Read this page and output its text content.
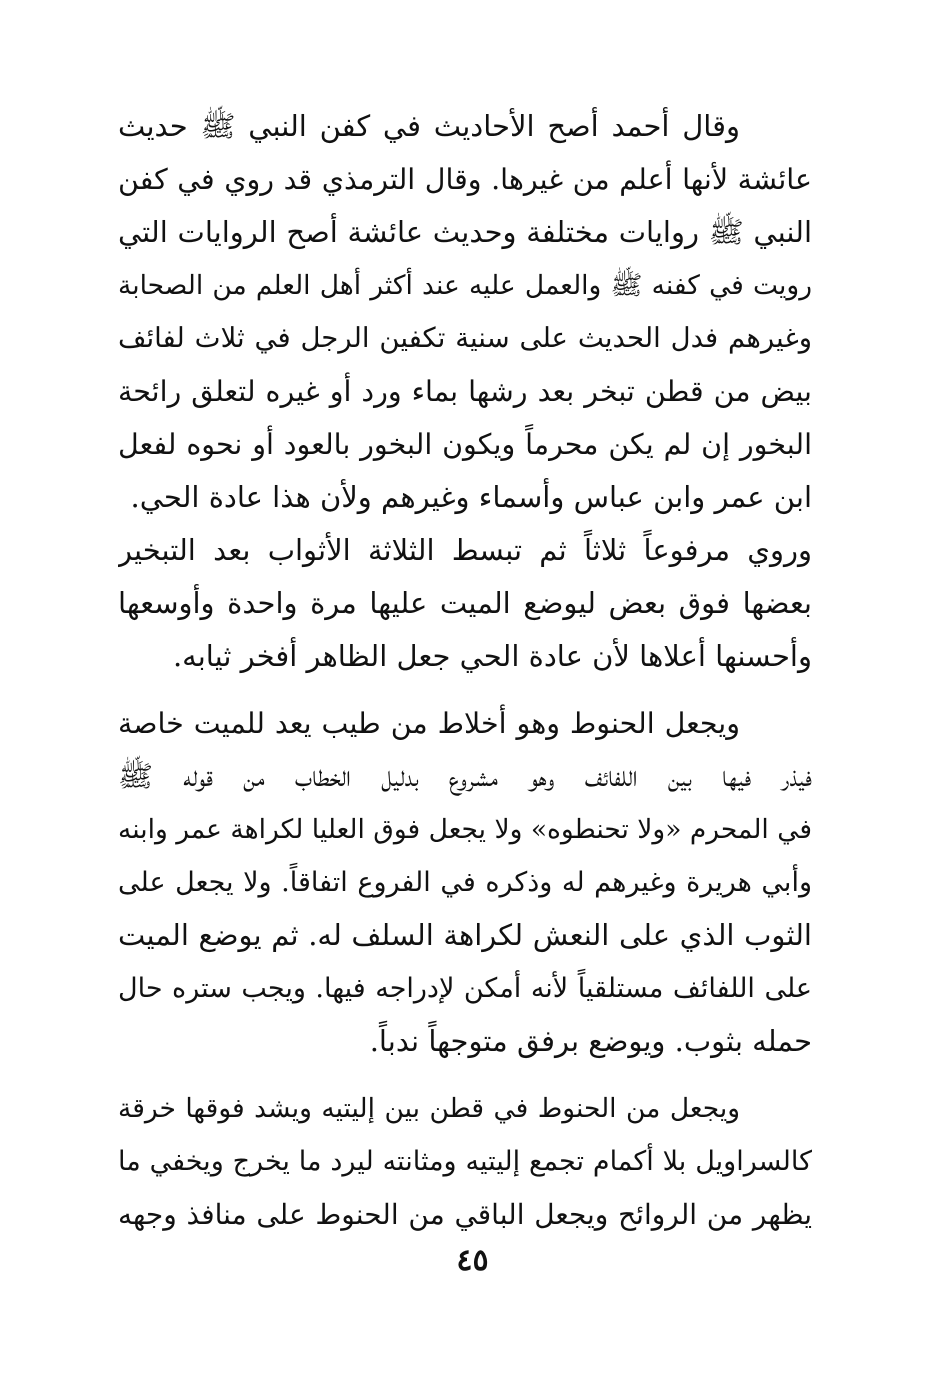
وقال أحمد أصح الأحاديث في كفن النبي ﷺ حديث
عائشة لأنها أعلم من غيرها. وقال الترمذي قد روي في كفن
النبي ﷺ روايات مختلفة وحديث عائشة أصح الروايات التي
رويت في كفنه ﷺ والعمل عليه عند أكثر أهل العلم من الصحابة
وغيرهم فدل الحديث على سنية تكفين الرجل في ثلاث لفائف
بيض من قطن تبخر بعد رشها بماء ورد أو غيره لتعلق رائحة
البخور إن لم يكن محرماً ويكون البخور بالعود أو نحوه لفعل
ابن عمر وابن عباس وأسماء وغيرهم ولأن هذا عادة الحي.
وروي مرفوعاً ثلاثاً ثم تبسط الثلاثة الأثواب بعد التبخير
بعضها فوق بعض ليوضع الميت عليها مرة واحدة وأوسعها
وأحسنها أعلاها لأن عادة الحي جعل الظاهر أفخر ثيابه.
ويجعل الحنوط وهو أخلاط من طيب يعد للميت خاصة
فيذر فيها بين اللفائف وهو مشروع بدليل الخطاب من قوله ﷺ
في المحرم «ولا تحنطوه» ولا يجعل فوق العليا لكراهة عمر وابنه
وأبي هريرة وغيرهم له وذكره في الفروع اتفاقاً. ولا يجعل على
الثوب الذي على النعش لكراهة السلف له. ثم يوضع الميت
على اللفائف مستلقياً لأنه أمكن لإدراجه فيها. ويجب ستره حال
حمله بثوب. ويوضع برفق متوجهاً ندباً.
ويجعل من الحنوط في قطن بين إليتيه ويشد فوقها خرقة
كالسراويل بلا أكمام تجمع إليتيه ومثانته ليرد ما يخرج ويخفي ما
يظهر من الروائح ويجعل الباقي من الحنوط على منافذ وجهه
٤٥
